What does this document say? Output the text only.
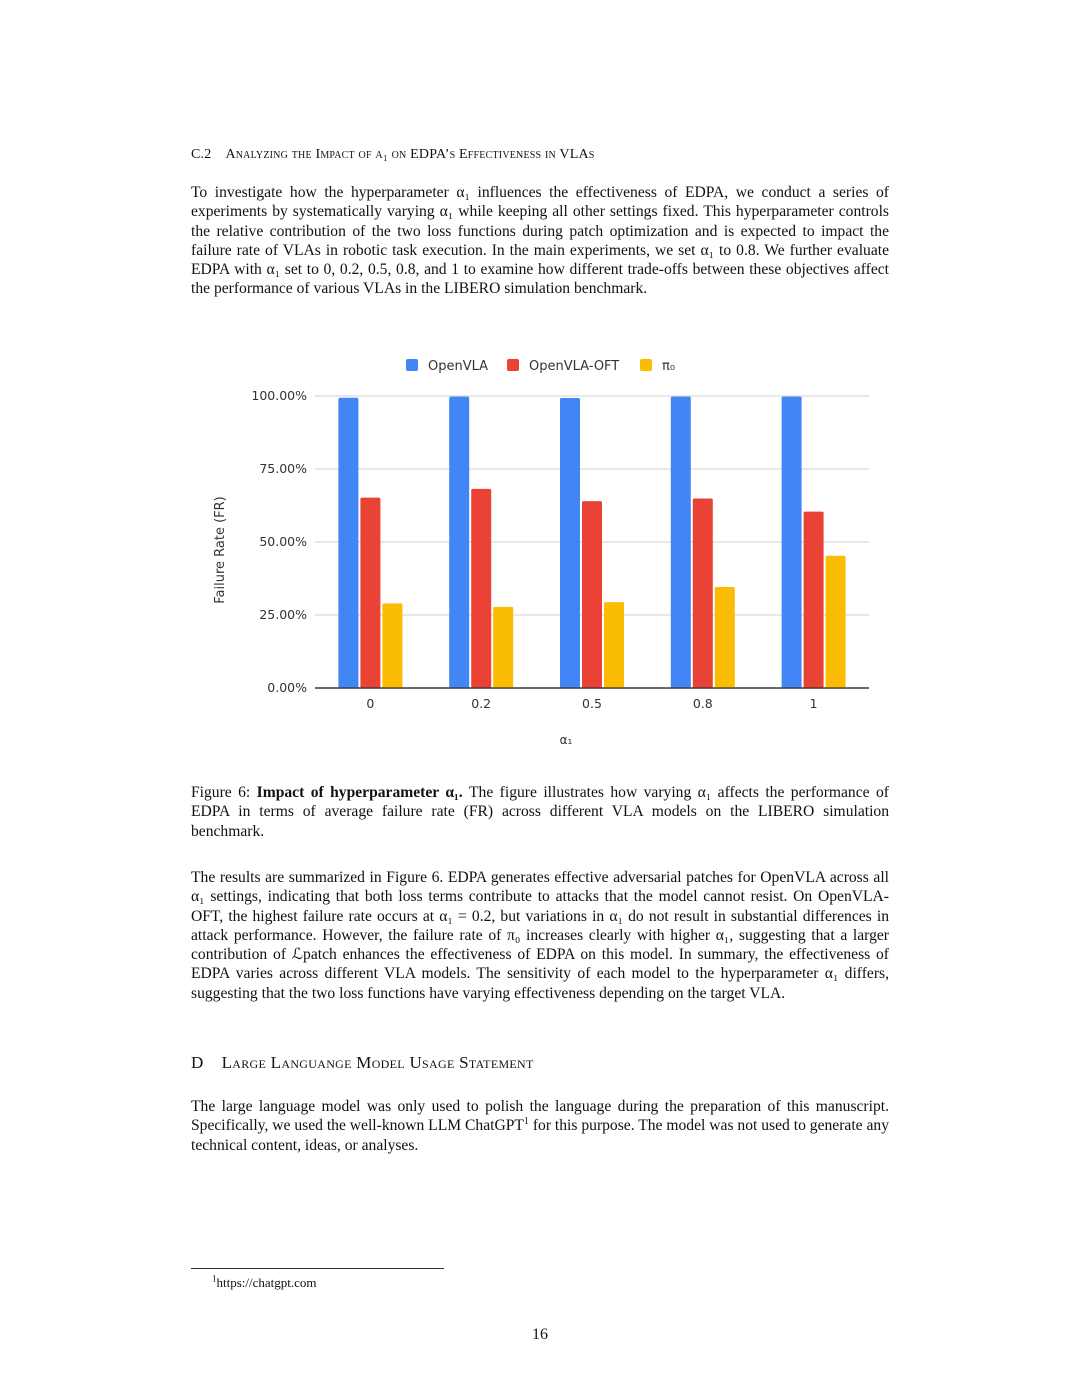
C.2 Analyzing the Impact of α₁ on EDPA’s Effectiveness in VLAs

To investigate how the hyperparameter α₁ influences the effectiveness of EDPA, we conduct a series of experiments by systematically varying α₁ while keeping all other settings fixed. This hyperparameter controls the relative contribution of the two loss functions during patch optimization and is expected to impact the failure rate of VLAs in robotic task execution. In the main experiments, we set α₁ to 0.8. We further evaluate EDPA with α₁ set to 0, 0.2, 0.5, 0.8, and 1 to examine how different trade-offs between these objectives affect the performance of various VLAs in the LIBERO simulation benchmark.

0.00%
25.00%
50.00%
75.00%
100.00%
0	0.2	0.5	0.8	1
α₁
Failure Rate (FR)
OpenVLA	OpenVLA-OFT	π₀

Figure 6: Impact of hyperparameter α₁. The figure illustrates how varying α₁ affects the performance of EDPA in terms of average failure rate (FR) across different VLA models on the LIBERO simulation benchmark.

The results are summarized in Figure 6. EDPA generates effective adversarial patches for OpenVLA across all α₁ settings, indicating that both loss terms contribute to attacks that the model cannot resist. On OpenVLA-OFT, the highest failure rate occurs at α₁ = 0.2, but variations in α₁ do not result in substantial differences in attack performance. However, the failure rate of π₀ increases clearly with higher α₁, suggesting that a larger contribution of ℒpatch enhances the effectiveness of EDPA on this model. In summary, the effectiveness of EDPA varies across different VLA models. The sensitivity of each model to the hyperparameter α₁ differs, suggesting that the two loss functions have varying effectiveness depending on the target VLA.

D Large Languange Model Usage Statement

The large language model was only used to polish the language during the preparation of this manuscript. Specifically, we used the well-known LLM ChatGPT$^1$ for this purpose. The model was not used to generate any technical content, ideas, or analyses.

$^1$https://chatgpt.com
16
